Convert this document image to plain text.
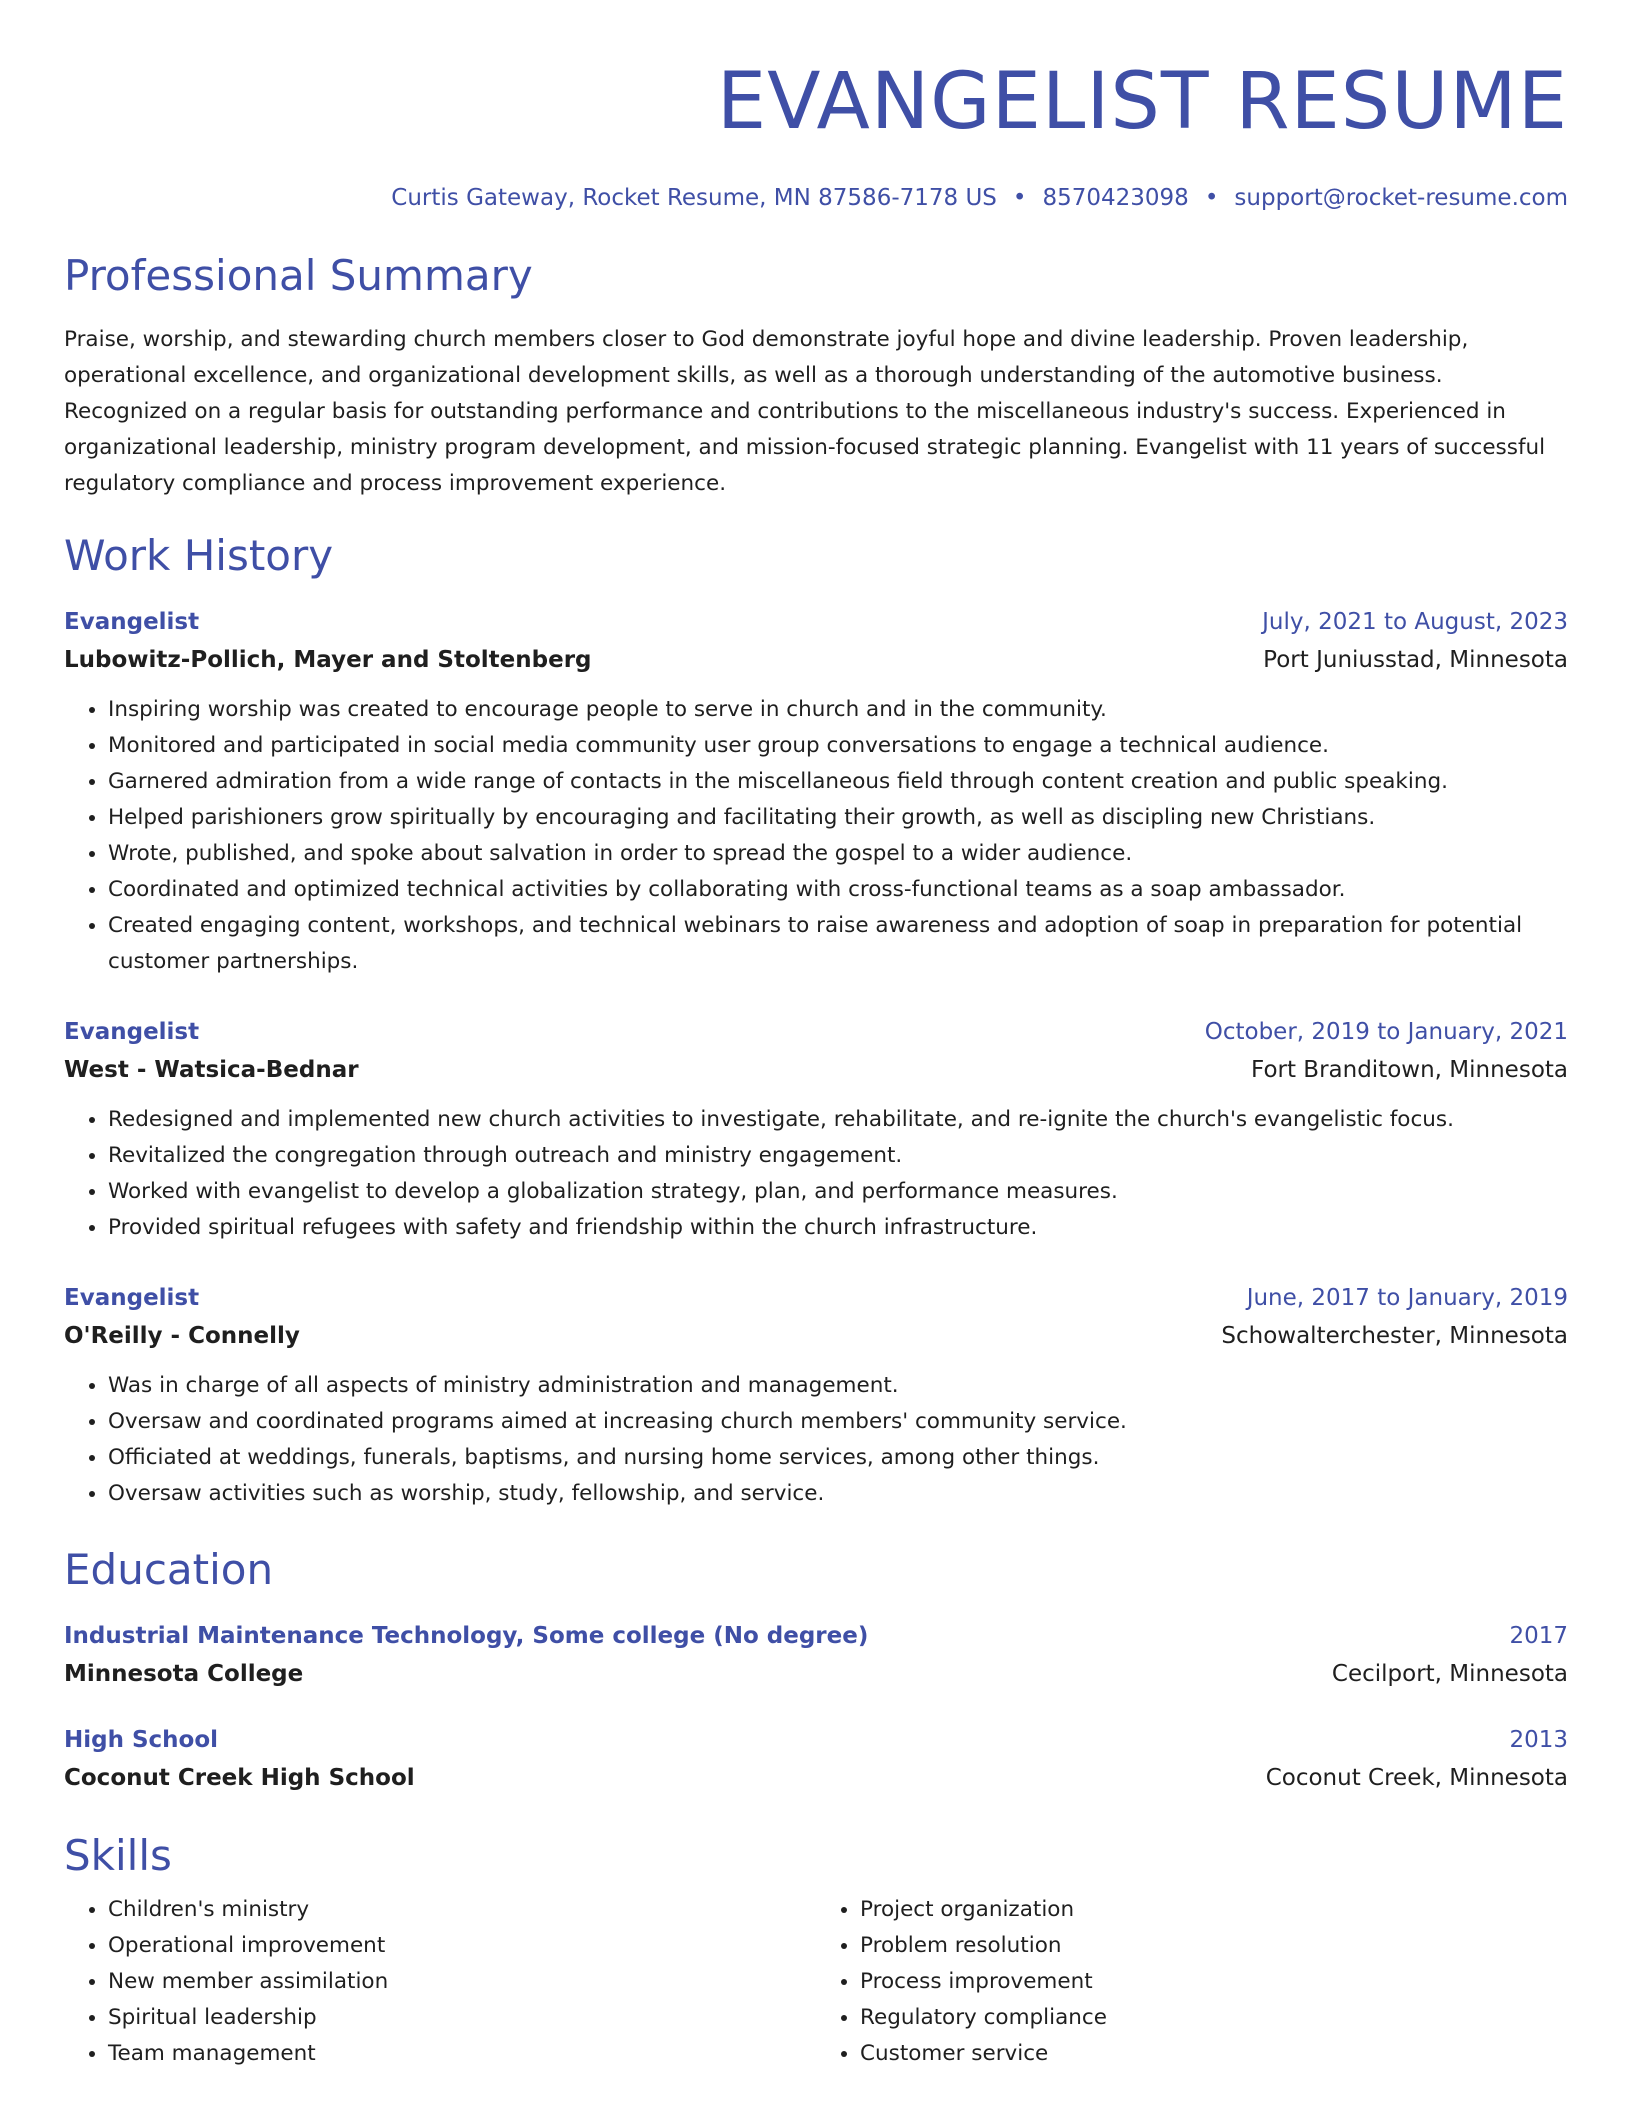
EVANGELIST RESUME
Curtis Gateway, Rocket Resume, MN 87586-7178 US • 8570423098 • support@rocket-resume.com
Professional Summary

Praise, worship, and stewarding church members closer to God demonstrate joyful hope and divine leadership. Proven leadership, operational excellence, and organizational development skills, as well as a thorough understanding of the automotive business. Recognized on a regular basis for outstanding performance and contributions to the miscellaneous industry's success. Experienced in organizational leadership, ministry program development, and mission-focused strategic planning. Evangelist with 11 years of successful regulatory compliance and process improvement experience.

Work History
Evangelist	July, 2021 to August, 2023
Lubowitz-Pollich, Mayer and Stoltenberg	Port Juniusstad, Minnesota
• Inspiring worship was created to encourage people to serve in church and in the community.
• Monitored and participated in social media community user group conversations to engage a technical audience.
• Garnered admiration from a wide range of contacts in the miscellaneous field through content creation and public speaking.
• Helped parishioners grow spiritually by encouraging and facilitating their growth, as well as discipling new Christians.
• Wrote, published, and spoke about salvation in order to spread the gospel to a wider audience.
• Coordinated and optimized technical activities by collaborating with cross-functional teams as a soap ambassador.
• Created engaging content, workshops, and technical webinars to raise awareness and adoption of soap in preparation for potential customer partnerships.
Evangelist	October, 2019 to January, 2021
West - Watsica-Bednar	Fort Branditown, Minnesota
• Redesigned and implemented new church activities to investigate, rehabilitate, and re-ignite the church's evangelistic focus.
• Revitalized the congregation through outreach and ministry engagement.
• Worked with evangelist to develop a globalization strategy, plan, and performance measures.
• Provided spiritual refugees with safety and friendship within the church infrastructure.
Evangelist	June, 2017 to January, 2019
O'Reilly - Connelly	Schowalterchester, Minnesota
• Was in charge of all aspects of ministry administration and management.
• Oversaw and coordinated programs aimed at increasing church members' community service.
• Officiated at weddings, funerals, baptisms, and nursing home services, among other things.
• Oversaw activities such as worship, study, fellowship, and service.
Education
Industrial Maintenance Technology, Some college (No degree)	2017
Minnesota College	Cecilport, Minnesota
High School	2013
Coconut Creek High School	Coconut Creek, Minnesota
Skills
• Children's ministry
• Operational improvement
• New member assimilation
• Spiritual leadership
• Team management
• Project organization
• Problem resolution
• Process improvement
• Regulatory compliance
• Customer service
